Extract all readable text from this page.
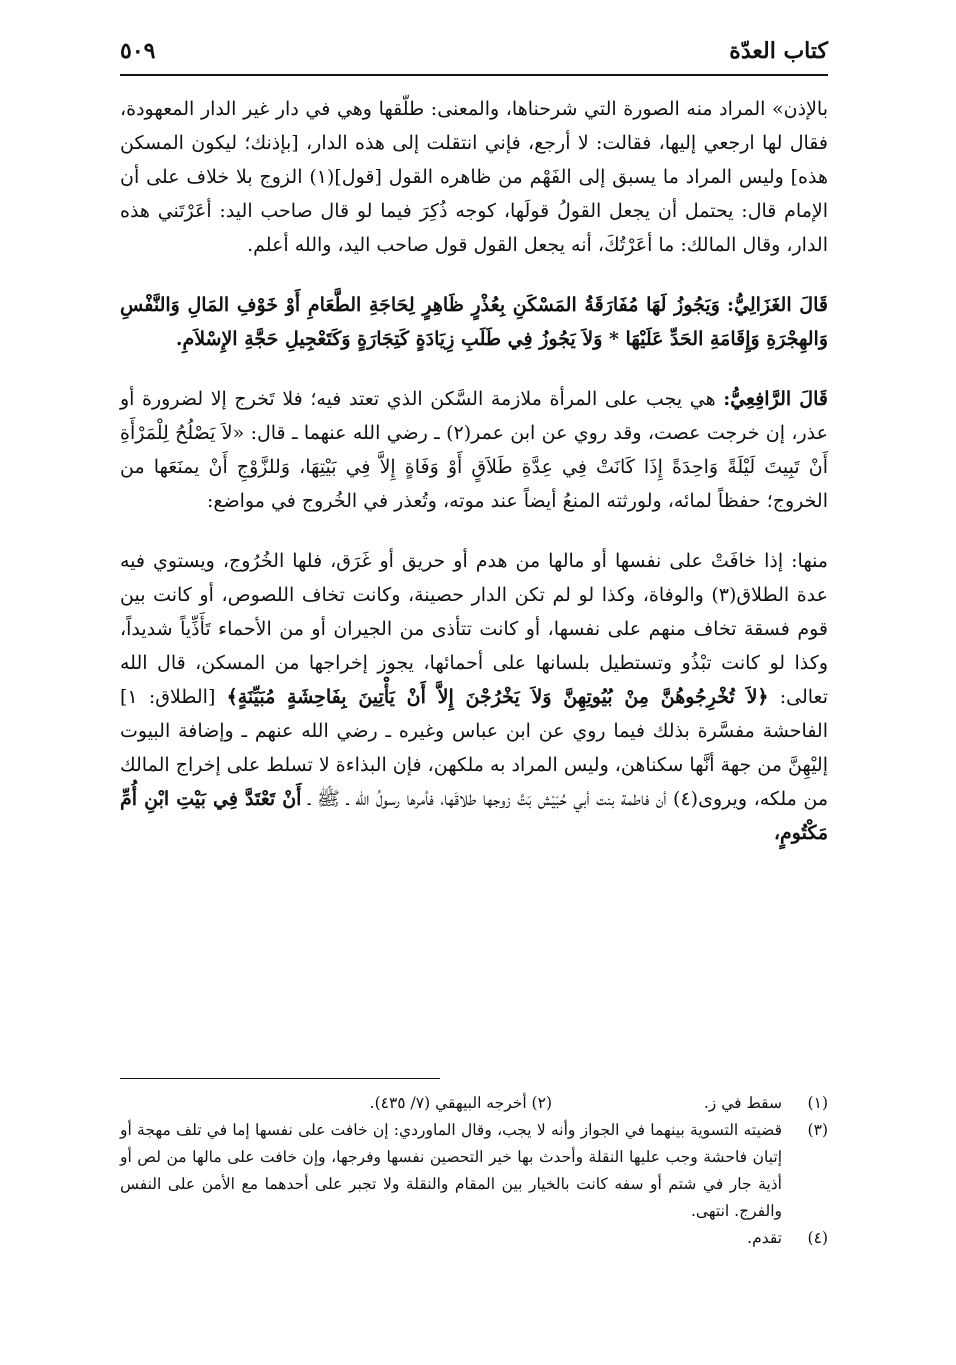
كتاب العدّة
٥٠٩

بالإذن» المراد منه الصورة التي شرحناها، والمعنى: طلّقها وهي في دار غير الدار المعهودة، فقال لها ارجعي إليها، فقالت: لا أرجع، فإني انتقلت إلى هذه الدار، [بإذنك؛ ليكون المسكن هذه] وليس المراد ما يسبق إلى الفَهْم من ظاهره القول [قول](١) الزوج بلا خلاف على أن الإمام قال: يحتمل أن يجعل القولُ قولَها، كوجه ذُكِرَ فيما لو قال صاحب اليد: أعَرْتَني هذه الدار، وقال المالك: ما أعَرْتُكَ، أنه يجعل القول قول صاحب اليد، والله أعلم.

قَالَ الغَزَالِيُّ: وَيَجُوزُ لَهَا مُفَارَقَةُ المَسْكَنِ بِعُذْرٍ ظَاهِرٍ لِحَاجَةِ الطَّعَامِ أَوْ خَوْفِ المَالِ وَالنَّفْسِ وَالهِجْرَةِ وَإِقَامَةِ الحَدِّ عَلَيْهَا * وَلاَ يَجُوزُ فِي طَلَبِ زِيَادَةٍ كَتِجَارَةٍ وَكَتَعْجِيلِ حَجَّةِ الإِسْلاَمِ.

قَالَ الرَّافِعِيُّ: هي يجب على المرأة ملازمة السَّكن الذي تعتد فيه؛ فلا تَخرج إلا لضرورة أو عذر، إن خرجت عصت، وقد روي عن ابن عمر(٢) ـ رضي الله عنهما ـ قال: «لاَ يَصْلُحُ لِلْمَرْأَةِ أَنْ تَبِيتَ لَيْلَةً وَاحِدَةً إِذَا كَانَتْ فِي عِدَّةِ طَلاَقٍ أَوْ وَفَاةٍ إِلاَّ فِي بَيْتِهَا، وَللزَّوْجِ أَنْ يمنَعَها من الخروج؛ حفظاً لمائه، ولورثته المنعُ أيضاً عند موته، وتُعذر في الخُروج في مواضع:

منها: إذا خافَتْ على نفسها أو مالها من هدم أو حريق أو غَرَق، فلها الخُرُوج، ويستوي فيه عدة الطلاق(٣) والوفاة، وكذا لو لم تكن الدار حصينة، وكانت تخاف اللصوص، أو كانت بين قوم فسقة تخاف منهم على نفسها، أو كانت تتأذى من الجيران أو من الأحماء تَأَذِّياً شديداً، وكذا لو كانت تبْذُو وتستطيل بلسانها على أحمائها، يجوز إخراجها من المسكن، قال الله تعالى: ﴿لاَ تُخْرِجُوهُنَّ مِنْ بُيُوتِهِنَّ وَلاَ يَخْرُجْنَ إِلاَّ أَنْ يَأْتِينَ بِفَاحِشَةٍ مُبَيِّنَةٍ﴾ [الطلاق: ١] الفاحشة مفسَّرة بذلك فيما روي عن ابن عباس وغيره ـ رضي الله عنهم ـ وإضافة البيوت إليْهِنَّ من جهة أنَّها سكناهن، وليس المراد به ملكهن، فإن البذاءة لا تسلط على إخراج المالك من ملكه، ويروى(٤) أن فاطمة بنت أبي حُبَيْش بَتَّ زوجها طلاقَها، فأمرها رسولُ الله ـ ﷺ ـ أَنْ تَعْتَدَّ فِي بَيْتِ ابْنِ أُمِّ مَكْتُومٍ،

(١)
سقط في ز.
(٢) أخرجه البيهقي (٧/ ٤٣٥).
(٣)
قضيته التسوية بينهما في الجواز وأنه لا يجب، وقال الماوردي: إن خافت على نفسها إما في تلف مهجة أو إتيان فاحشة وجب عليها النقلة وأحدث بها خير التحصين نفسها وفرجها، وإن خافت على مالها من لص أو أذية جار في شتم أو سفه كانت بالخيار بين المقام والنقلة ولا تجبر على أحدهما مع الأمن على النفس والفرج. انتهى.
(٤)
تقدم.
